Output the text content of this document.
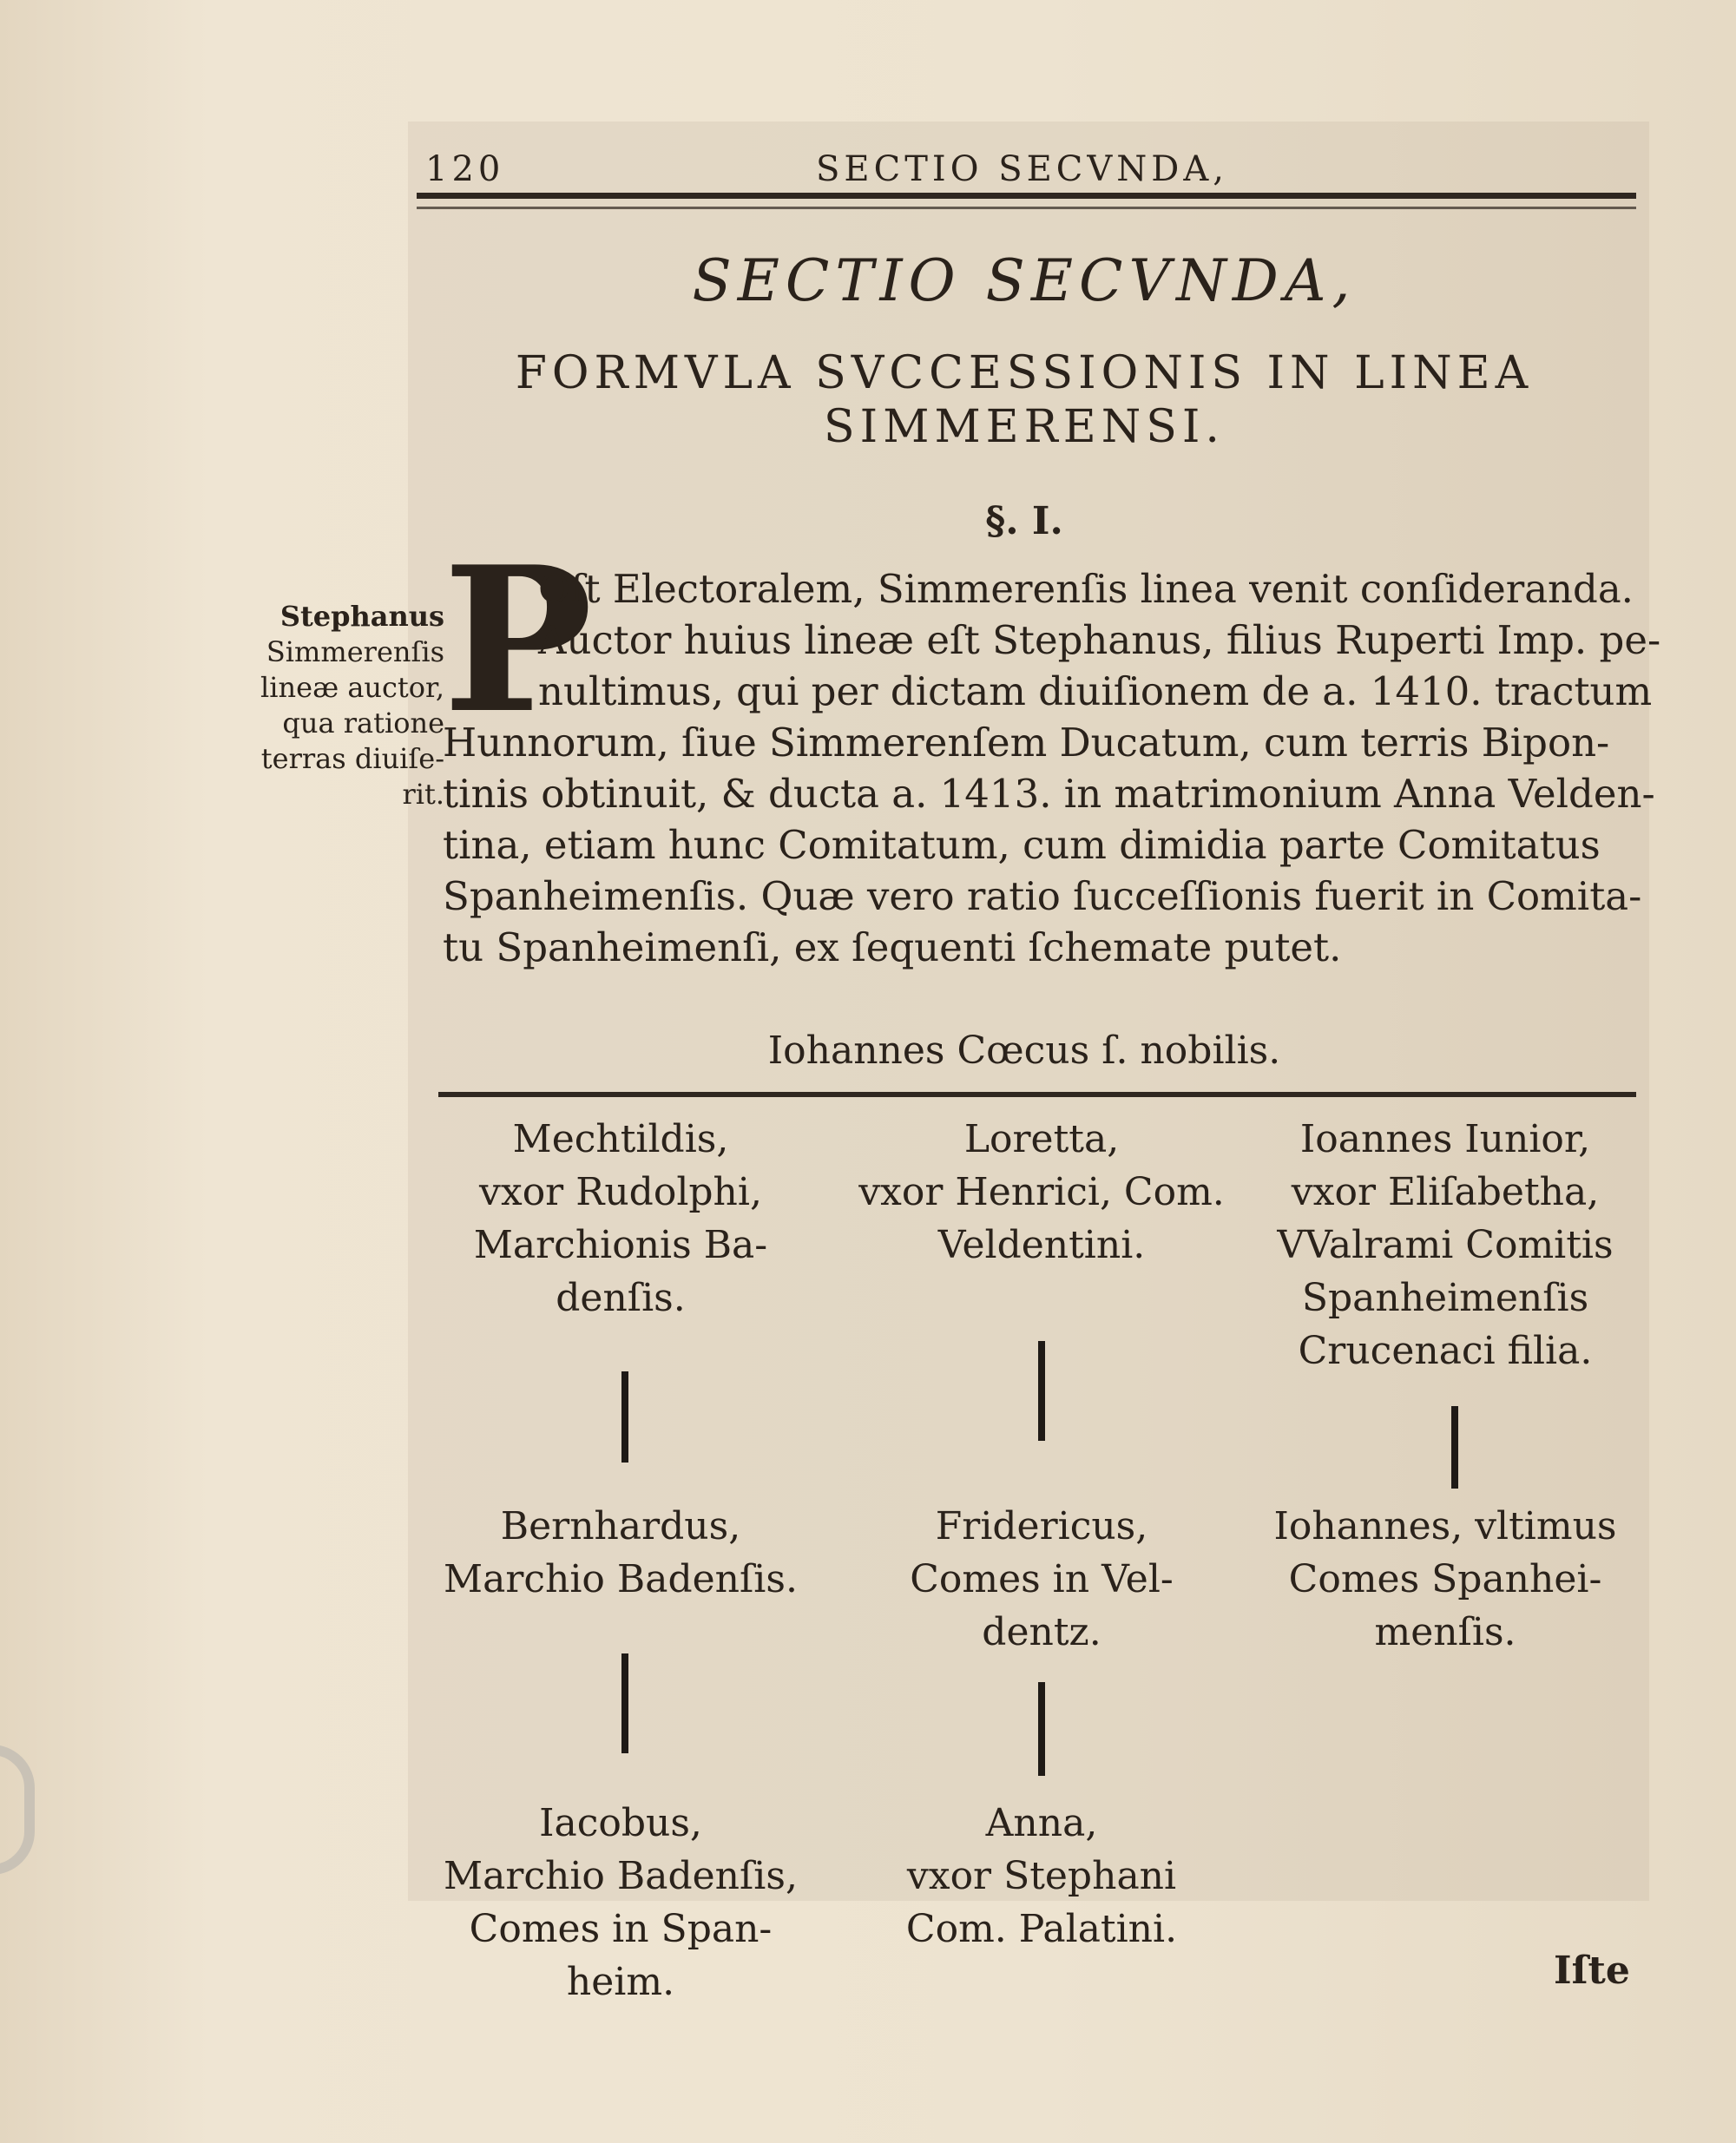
120	SECTIO SECVNDA,
SECTIO SECVNDA,
FORMVLA SVCCESSIONIS IN LINEA
SIMMERENSI.
§. I.
Stephanus
Simmerenſis
lineæ auctor,
qua ratione
terras diuiſe-
rit.
P
Oſt Electoralem, Simmerenſis linea venit conſideranda.
Auctor huius lineæ eſt Stephanus, filius Ruperti Imp. pe-
nultimus, qui per dictam diuiſionem de a. 1410. tractum
Hunnorum, ſiue Simmerenſem Ducatum, cum terris Bipon-
tinis obtinuit, & ducta a. 1413. in matrimonium Anna Velden-
tina, etiam hunc Comitatum, cum dimidia parte Comitatus
Spanheimenſis. Quæ vero ratio ſucceſſionis fuerit in Comita-
tu Spanheimenſi, ex ſequenti ſchemate putet.
Iohannes Cœcus ſ. nobilis.
Mechtildis,
vxor Rudolphi,
Marchionis Ba-
denſis.
Loretta,
vxor Henrici, Com.
Veldentini.
Ioannes Iunior,
vxor Eliſabetha,
VValrami Comitis
Spanheimenſis
Crucenaci filia.
Bernhardus,
Marchio Badenſis.
Fridericus,
Comes in Vel-
dentz.
Iohannes, vltimus
Comes Spanhei-
menſis.
Iacobus,
Marchio Badenſis,
Comes in Span-
heim.
Anna,
vxor Stephani
Com. Palatini.
Iſte
